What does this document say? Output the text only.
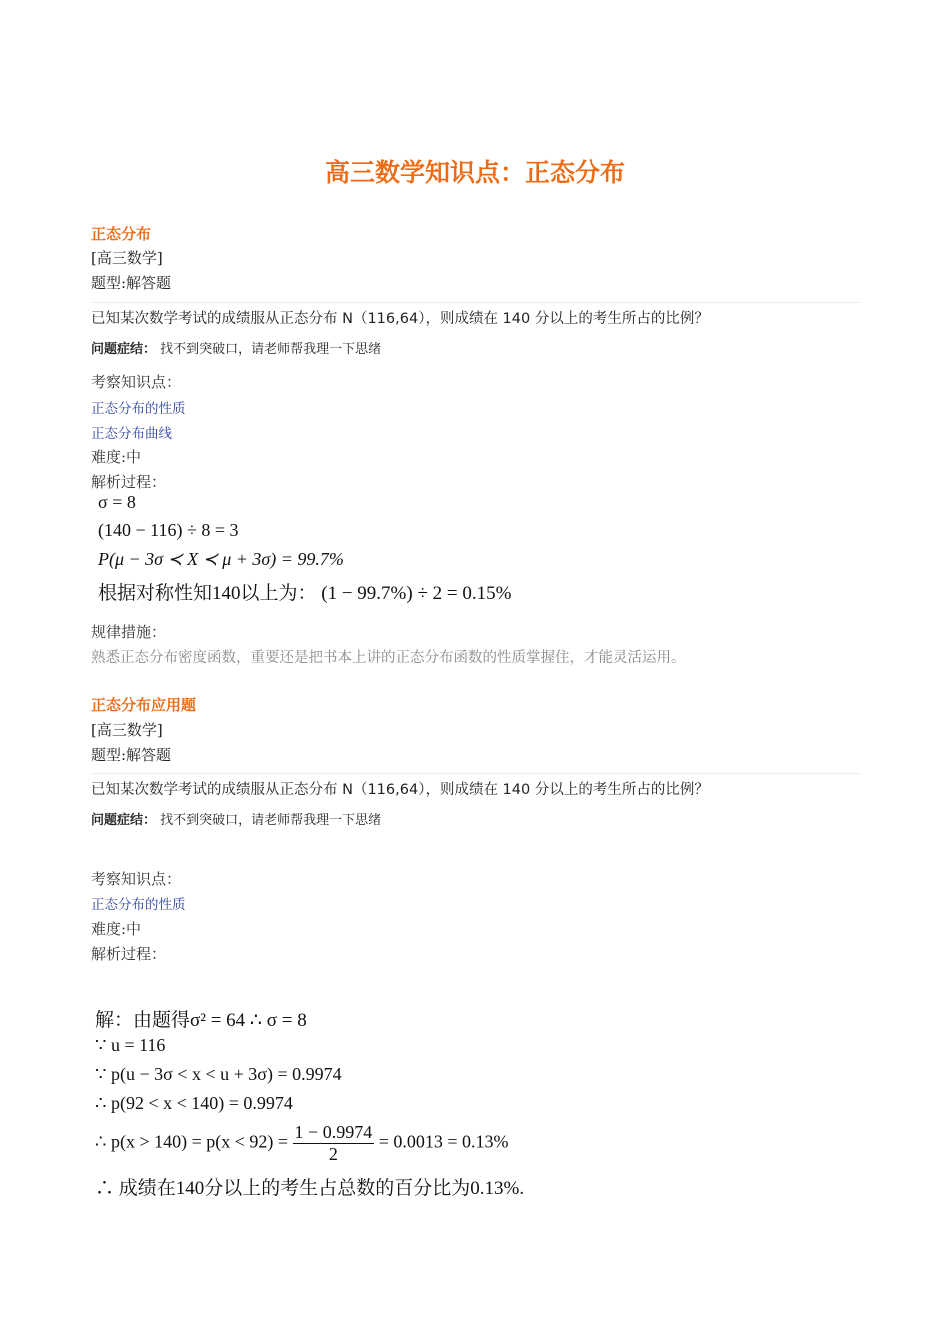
高三数学知识点：正态分布
正态分布
[高三数学]
题型:解答题
已知某次数学考试的成绩服从正态分布 N（116,64），则成绩在 140 分以上的考生所占的比例？
问题症结： 找不到突破口，请老师帮我理一下思绪
考察知识点：
正态分布的性质
正态分布曲线
难度:中
解析过程：
σ = 8
(140 − 116) ÷ 8 = 3
P(μ − 3σ ≺ X ≺ μ + 3σ) = 99.7%
根据对称性知140以上为： (1 − 99.7%) ÷ 2 = 0.15%
规律措施：
熟悉正态分布密度函数，重要还是把书本上讲的正态分布函数的性质掌握住，才能灵活运用。
正态分布应用题
[高三数学]
题型:解答题
已知某次数学考试的成绩服从正态分布 N（116,64），则成绩在 140 分以上的考生所占的比例？
问题症结： 找不到突破口，请老师帮我理一下思绪
考察知识点：
正态分布的性质
难度:中
解析过程：
解：由题得σ² = 64 ∴ σ = 8
∵ u = 116
∵ p(u − 3σ < x < u + 3σ) = 0.9974
∴ p(92 < x < 140) = 0.9974
∴ $p(x > 140) = p(x < 92) = \frac{1 - 0.9974}{2} = 0.0013 = 0.13\%$
∴ 成绩在140分以上的考生占总数的百分比为0.13%.
